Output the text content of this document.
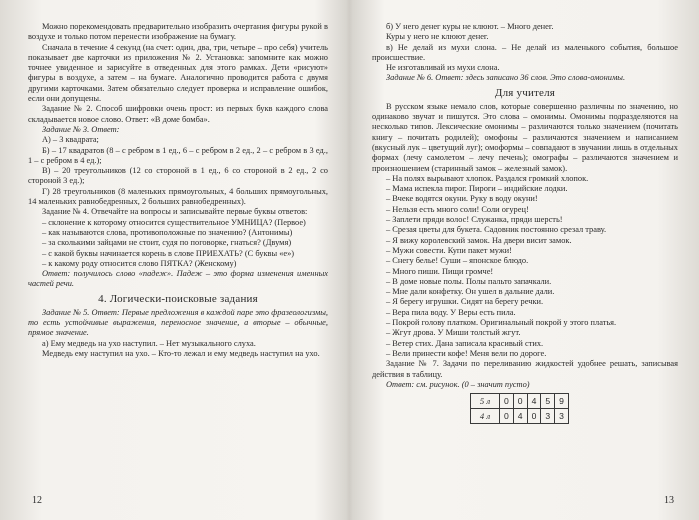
Можно порекомендовать предварительно изобразить очертания фигуры рукой в воздухе и только потом перенести изображение на бумагу.

Сначала в течение 4 секунд (на счет: один, два, три, четыре – про себя) учитель показывает две карточки из приложения № 2. Установка: запомните как можно точнее увиденное и зарисуйте в отведенных для этого рамках. Дети «рисуют» фигуры в воздухе, а затем – на бумаге. Аналогично проводится работа с двумя другими карточками. Затем обязательно следует проверка и исправление ошибок, если они допущены.

Задание № 2. Способ шифровки очень прост: из первых букв каждого слова складывается новое слово. Ответ: «В доме бомба».

Задание № 3. Ответ:

А) – 3 квадрата;

Б) – 17 квадратов (8 – с ребром в 1 ед., 6 – с ребром в 2 ед., 2 – с ребром в 3 ед., 1 – с ребром в 4 ед.);

В) – 20 треугольников (12 со стороной в 1 ед., 6 со стороной в 2 ед., 2 со стороной 3 ед.);

Г) 28 треугольников (8 маленьких прямоугольных, 4 больших прямоугольных, 14 маленьких равнобедренных, 2 больших равнобедренных).

Задание № 4. Отвечайте на вопросы и записывайте первые буквы ответов:

– склонение к которому относится существительное УМНИЦА? (Первое)

– как называются слова, противоположные по значению? (Антонимы)

– за сколькими зайцами не стоит, судя по поговорке, гнаться? (Двумя)

– с какой буквы начинается корень в слове ПРИЕХАТЬ? (С буквы «е»)

– к какому роду относится слово ПЯТКА? (Женскому)

Ответ: получилось слово «падеж». Падеж – это форма изменения именных частей речи.

4. Логически-поисковые задания

Задание № 5. Ответ: Первые предложения в каждой паре это фразеологизмы, то есть устойчивые выражения, переносное значение, а вторые – обычные, прямое значение.

а) Ему медведь на ухо наступил. – Нет музыкального слуха.

Медведь ему наступил на ухо. – Кто-то лежал и ему медведь наступил на ухо.

12

б) У него денег куры не клюют. – Много денег.

Куры у него не клюют денег.

в) Не делай из мухи слона. – Не делай из маленького события, большое происшествие.

Не изготавливай из мухи слона.

Задание № 6. Ответ: здесь записано 36 слов. Это слова-омонимы.

Для учителя

В русском языке немало слов, которые совершенно различны по значению, но одинаково звучат и пишутся. Это слова – омонимы. Омонимы подразделяются на несколько типов. Лексические омонимы – различаются только значением (почитать книгу – почитать родилей); омофоны – различаются значением и написанием (вкусный лук – цветущий луг); омоформы – совпадают в звучании лишь в отдельных формах (лечу самолетом – лечу печень); омографы – различаются значением и произношением (старинный замок – железный замок).

– На полях вырывают хлопок. Раздался громкий хлопок.

– Мама испекла пирог. Пироги – индийские лодки.

– Вчеке водятся окуни. Руку в воду окуни!

– Нельзя есть много соли! Соли огурец!

– Заплети пряди волос! Служанка, пряди шерсть!

– Срезая цветы для букета. Садовник постоянно срезал траву.

– Я вижу королевский замок. На двери висит замок.

– Мужи совести. Купи пакет мужи!

– Снегу белье! Суши – японское блюдо.

– Много пиши. Пищи громче!

– В доме новые полы. Полы пальто запачкали.

– Мне дали конфетку. Он ушел в дальние дали.

– Я берегу игрушки. Сидят на берегу речки.

– Вера пила воду. У Веры есть пила.

– Покрой голову платком. Оригинальный покрой у этого платья.

– Жгут дрова. У Миши толстый жгут.

– Ветер стих. Дана записала красивый стих.

– Вели принести кофе! Меня вели по дороге.

Задание № 7. Задачи по переливанию жидкостей удобнее решать, записывая действия в таблицу.

Ответ: см. рисунок. (0 – значит пусто)

5 л	0	0	4	5	9
4 л	0	4	0	3	3
13
